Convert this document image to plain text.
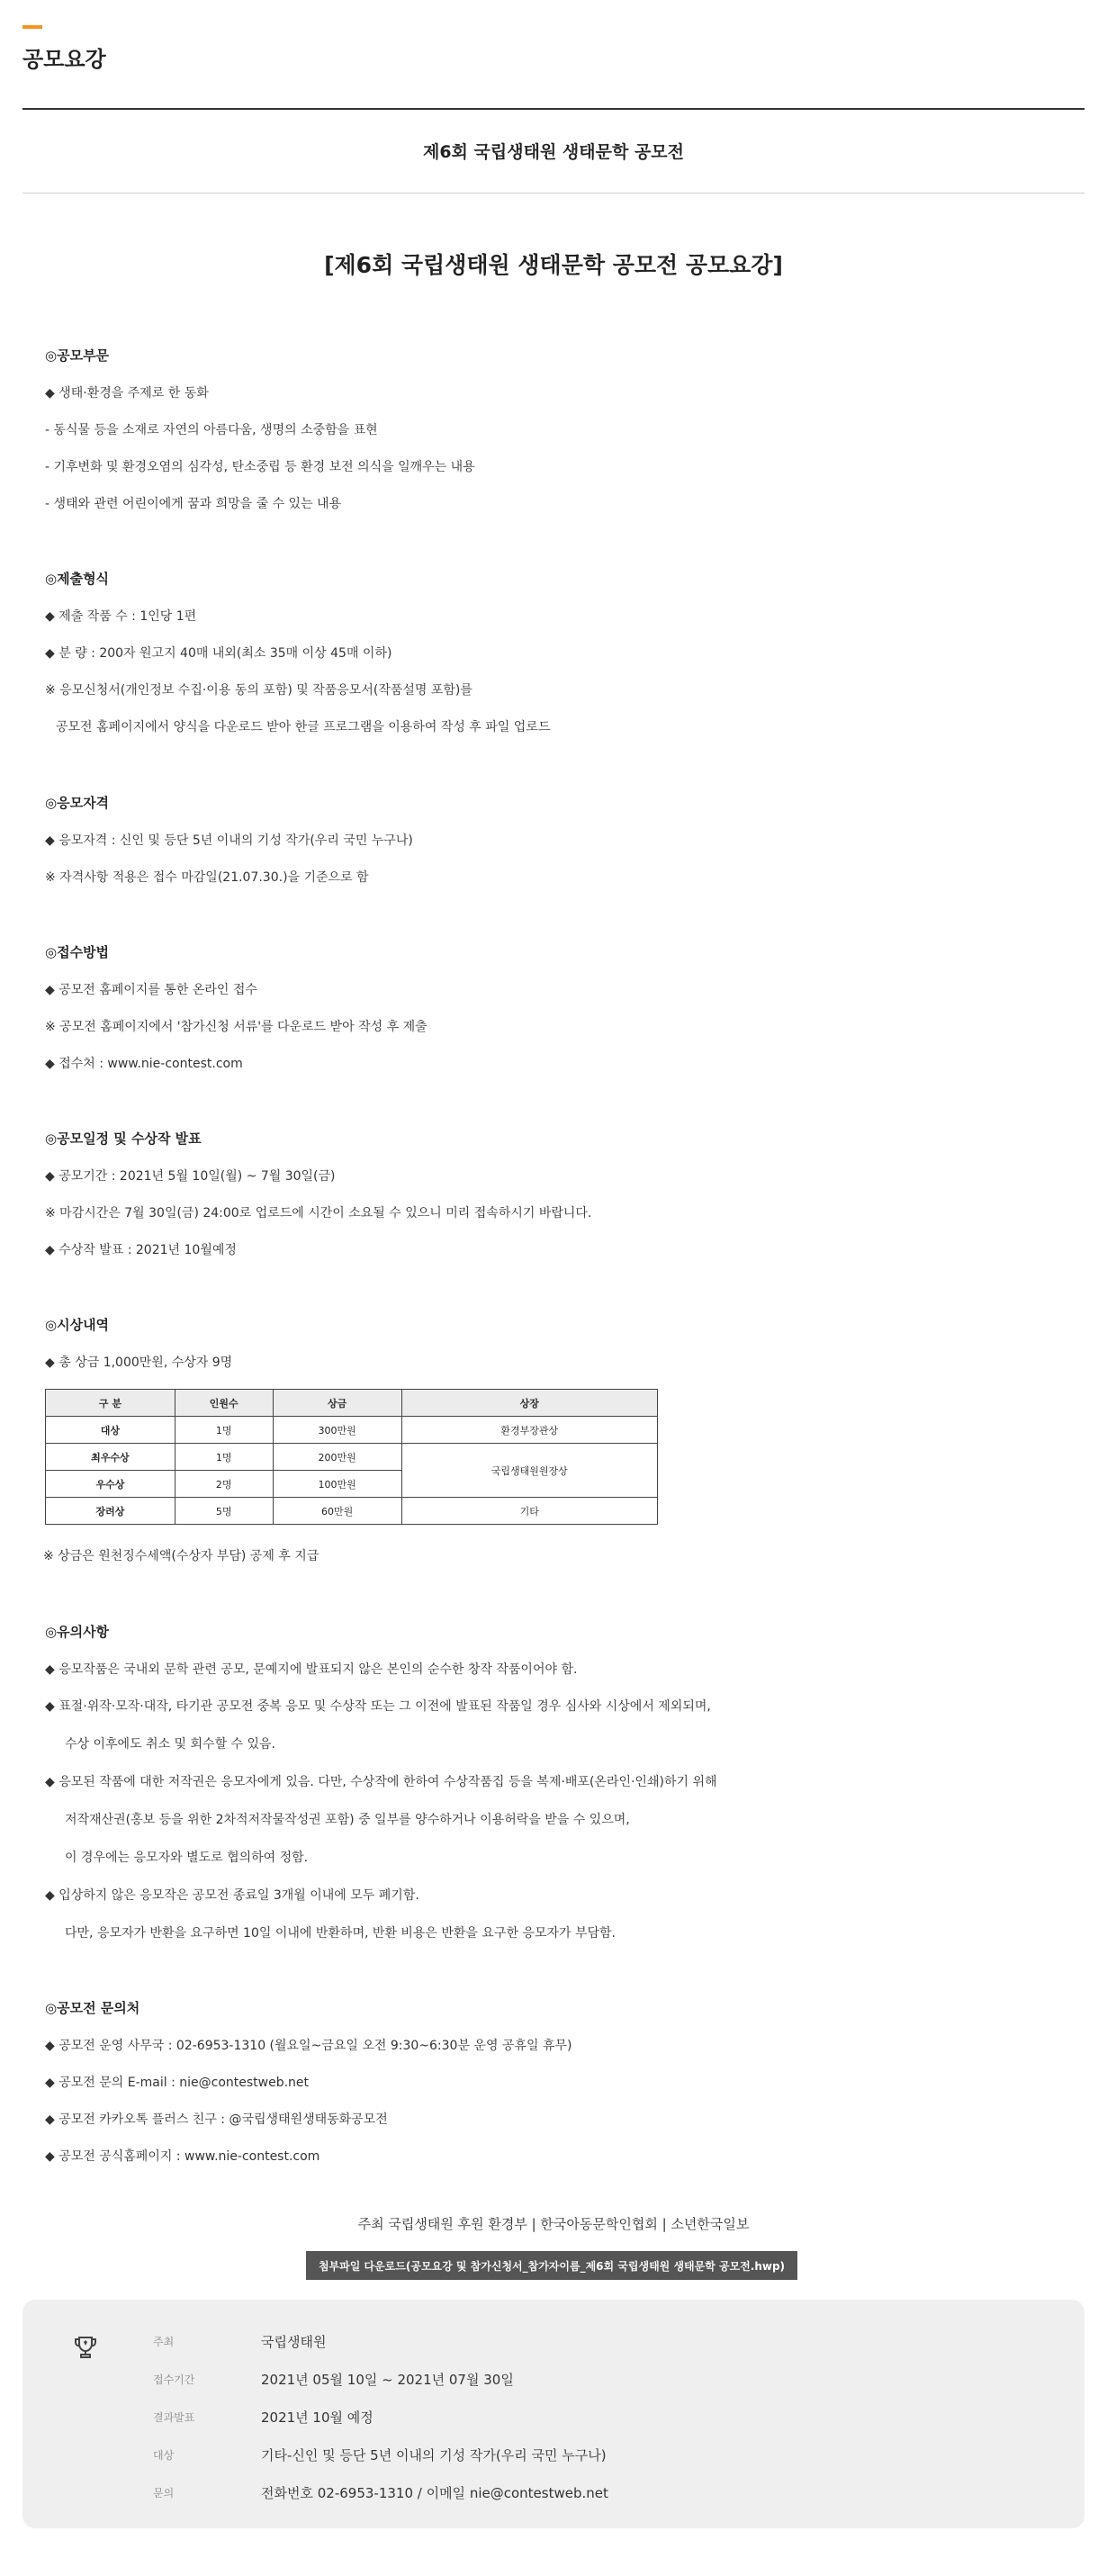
공모요강
제6회 국립생태원 생태문학 공모전
[제6회 국립생태원 생태문학 공모전 공모요강]
◎공모부문
◆ 생태·환경을 주제로 한 동화
- 동식물 등을 소재로 자연의 아름다움, 생명의 소중함을 표현
- 기후변화 및 환경오염의 심각성, 탄소중립 등 환경 보전 의식을 일깨우는 내용
- 생태와 관련 어린이에게 꿈과 희망을 줄 수 있는 내용
◎제출형식
◆ 제출 작품 수 : 1인당 1편
◆ 분 량 : 200자 원고지 40매 내외(최소 35매 이상 45매 이하)
※ 응모신청서(개인정보 수집·이용 동의 포함) 및 작품응모서(작품설명 포함)를
공모전 홈페이지에서 양식을 다운로드 받아 한글 프로그램을 이용하여 작성 후 파일 업로드
◎응모자격
◆ 응모자격 : 신인 및 등단 5년 이내의 기성 작가(우리 국민 누구나)
※ 자격사항 적용은 접수 마감일(21.07.30.)을 기준으로 함
◎접수방법
◆ 공모전 홈페이지를 통한 온라인 접수
※ 공모전 홈페이지에서 '참가신청 서류'를 다운로드 받아 작성 후 제출
◆ 접수처 : www.nie-contest.com
◎공모일정 및 수상작 발표
◆ 공모기간 : 2021년 5월 10일(월) ~ 7월 30일(금)
※ 마감시간은 7월 30일(금) 24:00로 업로드에 시간이 소요될 수 있으니 미리 접속하시기 바랍니다.
◆ 수상작 발표 : 2021년 10월예정
◎시상내역
◆ 총 상금 1,000만원, 수상자 9명
※ 상금은 원천징수세액(수상자 부담) 공제 후 지급
◎유의사항
◆ 응모작품은 국내외 문학 관련 공모, 문예지에 발표되지 않은 본인의 순수한 창작 작품이어야 함.
◆ 표절·위작·모작·대작, 타기관 공모전 중복 응모 및 수상작 또는 그 이전에 발표된 작품일 경우 심사와 시상에서 제외되며,
수상 이후에도 취소 및 회수할 수 있음.
◆ 응모된 작품에 대한 저작권은 응모자에게 있음. 다만, 수상작에 한하여 수상작품집 등을 복제·배포(온라인·인쇄)하기 위해
저작재산권(홍보 등을 위한 2차적저작물작성권 포함) 중 일부를 양수하거나 이용허락을 받을 수 있으며,
이 경우에는 응모자와 별도로 협의하여 정함.
◆ 입상하지 않은 응모작은 공모전 종료일 3개월 이내에 모두 폐기함.
다만, 응모자가 반환을 요구하면 10일 이내에 반환하며, 반환 비용은 반환을 요구한 응모자가 부담함.
◎공모전 문의처
◆ 공모전 운영 사무국 : 02-6953-1310 (월요일~금요일 오전 9:30~6:30분 운영 공휴일 휴무)
◆ 공모전 문의 E-mail : nie@contestweb.net
◆ 공모전 카카오톡 플러스 친구 : @국립생태원생태동화공모전
◆ 공모전 공식홈페이지 : www.nie-contest.com
구 분	인원수	상금	상장
대상	1명	300만원	환경부장관상
최우수상	1명	200만원	국립생태원원장상
우수상	2명	100만원	
장려상	5명	60만원	기타
주최 국립생태원 후원 환경부 | 한국아동문학인협회 | 소년한국일보
첨부파일 다운로드(공모요강 및 참가신청서_참가자이름_제6회 국립생태원 생태문학 공모전.hwp)
주최	국립생태원
접수기간	2021년 05월 10일 ~ 2021년 07월 30일
결과발표	2021년 10월 예정
대상	기타-신인 및 등단 5년 이내의 기성 작가(우리 국민 누구나)
문의	전화번호 02-6953-1310 / 이메일 nie@contestweb.net
